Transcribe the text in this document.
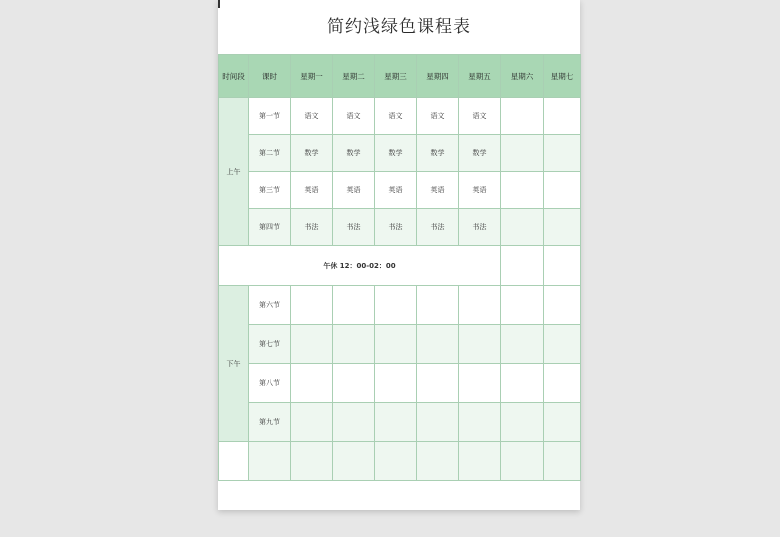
简约浅绿色课程表
时间段	课时	星期一	星期二	星期三	星期四	星期五	星期六	星期七
上午	第一节	语文	语文	语文	语文	语文		
	第二节	数学	数学	数学	数学	数学		
	第三节	英语	英语	英语	英语	英语		
	第四节	书法	书法	书法	书法	书法		
午休 12：00-02：00								
下午	第六节							
	第七节							
	第八节							
	第九节							
